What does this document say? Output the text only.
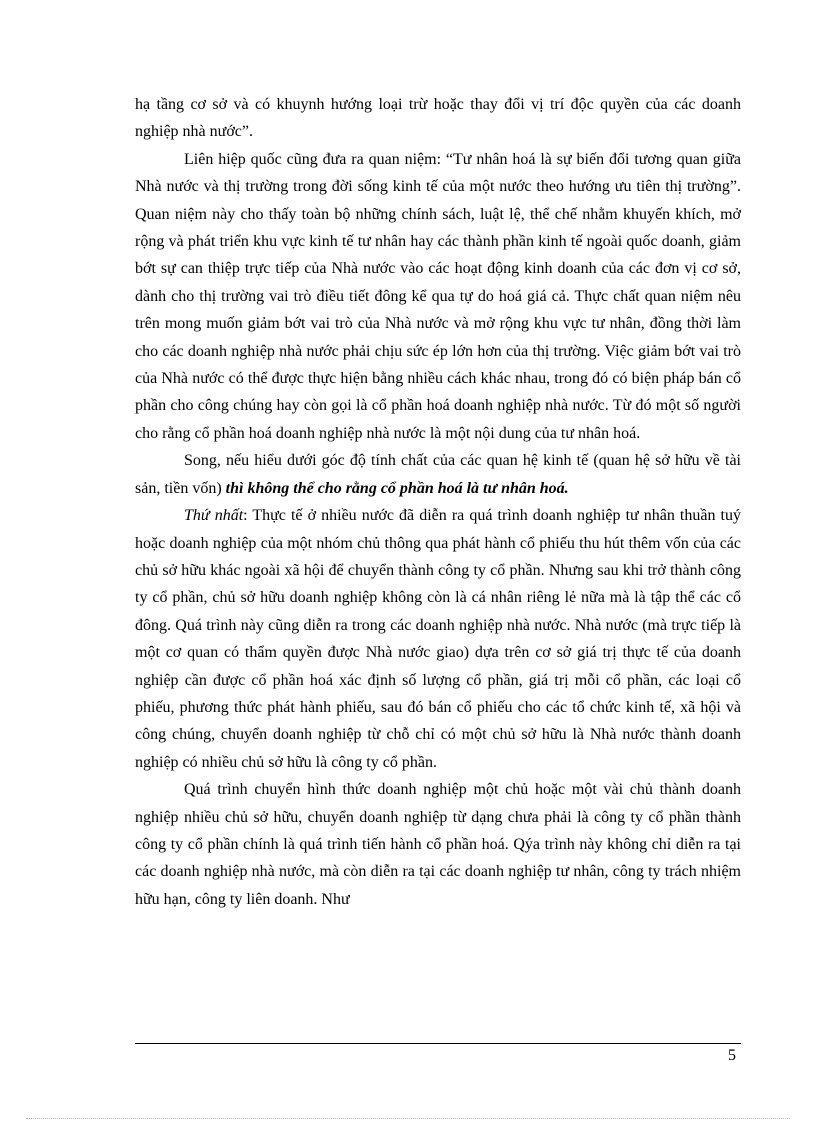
hạ tầng cơ sở và có khuynh hướng loại trừ hoặc thay đổi vị trí độc quyền của các doanh nghiệp nhà nước”.

Liên hiệp quốc cũng đưa ra quan niệm: “Tư nhân hoá là sự biến đổi tương quan giữa Nhà nước và thị trường trong đời sống kinh tế của một nước theo hướng ưu tiên thị trường”. Quan niệm này cho thấy toàn bộ những chính sách, luật lệ, thể chế nhằm khuyến khích, mở rộng và phát triển khu vực kinh tế tư nhân hay các thành phần kinh tế ngoài quốc doanh, giảm bớt sự can thiệp trực tiếp của Nhà nước vào các hoạt động kinh doanh của các đơn vị cơ sở, dành cho thị trường vai trò điều tiết đông kể qua tự do hoá giá cả. Thực chất quan niệm nêu trên mong muốn giảm bớt vai trò của Nhà nước và mở rộng khu vực tư nhân, đồng thời làm cho các doanh nghiệp nhà nước phải chịu sức ép lớn hơn của thị trường. Việc giảm bớt vai trò của Nhà nước có thể được thực hiện bằng nhiều cách khác nhau, trong đó có biện pháp bán cổ phần cho công chúng hay còn gọi là cổ phần hoá doanh nghiệp nhà nước. Từ đó một số người cho rằng cổ phần hoá doanh nghiệp nhà nước là một nội dung của tư nhân hoá.

Song, nếu hiểu dưới góc độ tính chất của các quan hệ kinh tế (quan hệ sở hữu về tài sản, tiền vốn) thì không thể cho rằng cổ phần hoá là tư nhân hoá.

Thứ nhất: Thực tế ở nhiều nước đã diễn ra quá trình doanh nghiệp tư nhân thuần tuý hoặc doanh nghiệp của một nhóm chủ thông qua phát hành cổ phiếu thu hút thêm vốn của các chủ sở hữu khác ngoài xã hội để chuyển thành công ty cổ phần. Nhưng sau khi trở thành công ty cổ phần, chủ sở hữu doanh nghiệp không còn là cá nhân riêng lẻ nữa mà là tập thể các cổ đông. Quá trình này cũng diễn ra trong các doanh nghiệp nhà nước. Nhà nước (mà trực tiếp là một cơ quan có thẩm quyền được Nhà nước giao) dựa trên cơ sở giá trị thực tế của doanh nghiệp cần được cổ phần hoá xác định số lượng cổ phần, giá trị mỗi cổ phần, các loại cổ phiếu, phương thức phát hành phiếu, sau đó bán cổ phiếu cho các tổ chức kinh tế, xã hội và công chúng, chuyển doanh nghiệp từ chỗ chỉ có một chủ sở hữu là Nhà nước thành doanh nghiệp có nhiều chủ sở hữu là công ty cổ phần.

Quá trình chuyển hình thức doanh nghiệp một chủ hoặc một vài chủ thành doanh nghiệp nhiều chủ sở hữu, chuyển doanh nghiệp từ dạng chưa phải là công ty cổ phần thành công ty cổ phần chính là quá trình tiến hành cổ phần hoá. Qýa trình này không chỉ diễn ra tại các doanh nghiệp nhà nước, mà còn diễn ra tại các doanh nghiệp tư nhân, công ty trách nhiệm hữu hạn, công ty liên doanh. Như

5
